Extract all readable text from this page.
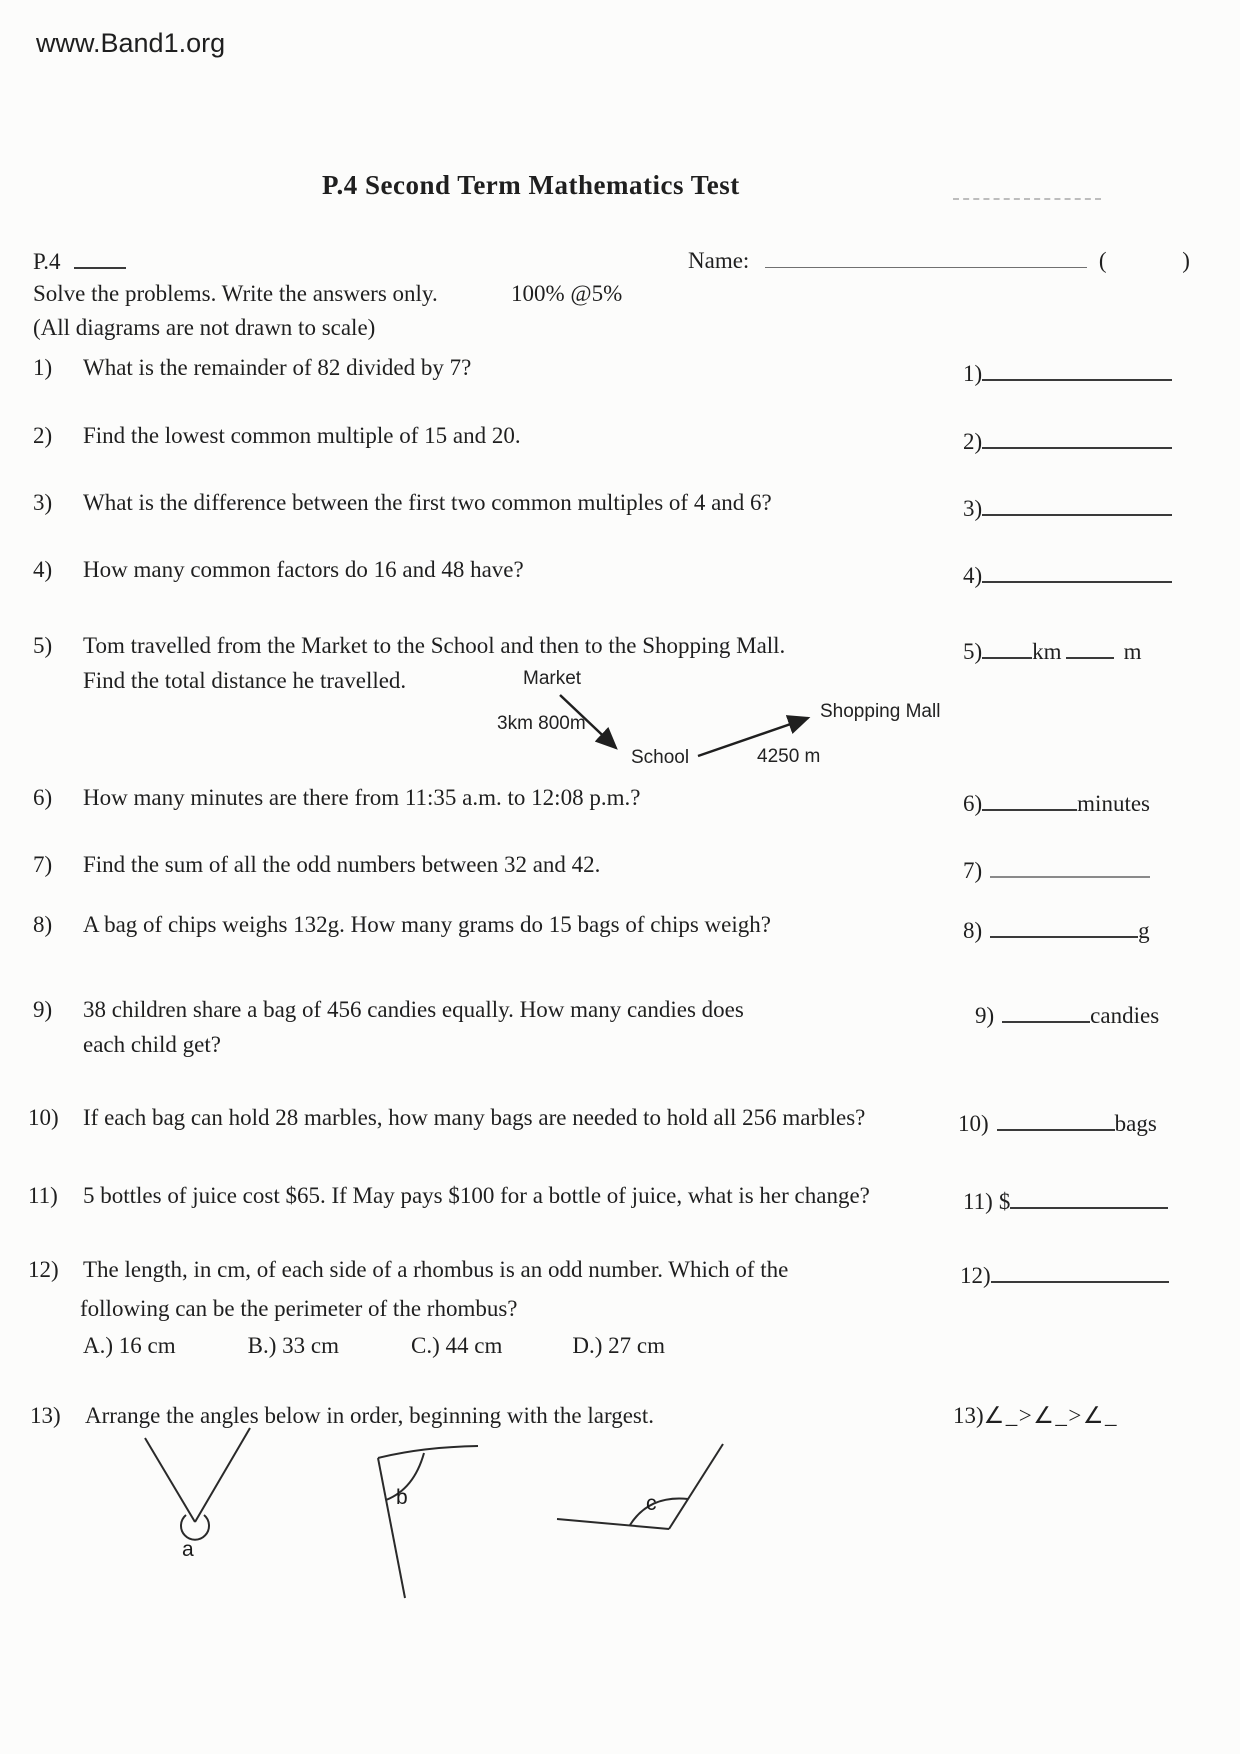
www.Band1.org
P.4 Second Term Mathematics Test
P.4	Name:	(	)
Solve the problems. Write the answers only.	100% @5%
(All diagrams are not drawn to scale)
1) What is the remainder of 82 divided by 7?	1)
2) Find the lowest common multiple of 15 and 20.	2)
3) What is the difference between the first two common multiples of 4 and 6?	3)
4) How many common factors do 16 and 48 have?	4)
5) Tom travelled from the Market to the School and then to the Shopping Mall.
Find the total distance he travelled.
5) km	m
Market
3km 800m
School	4250 m
Shopping Mall
6) How many minutes are there from 11:35 a.m. to 12:08 p.m.?	6)	minutes
7) Find the sum of all the odd numbers between 32 and 42.	7)
8) A bag of chips weighs 132g. How many grams do 15 bags of chips weigh?	8)	g
9) 38 children share a bag of 456 candies equally. How many candies does
each child get?
9)	candies
10) If each bag can hold 28 marbles, how many bags are needed to hold all 256 marbles?	10)	bags
11) 5 bottles of juice cost $65. If May pays $100 for a bottle of juice, what is her change?	11) $
12) The length, in cm, of each side of a rhombus is an odd number. Which of the
following can be the perimeter of the rhombus?
A.) 16 cm	B.) 33 cm	C.) 44 cm	D.) 27 cm
12)
13) Arrange the angles below in order, beginning with the largest.	13)∠_>∠_>∠_
a
b	c
